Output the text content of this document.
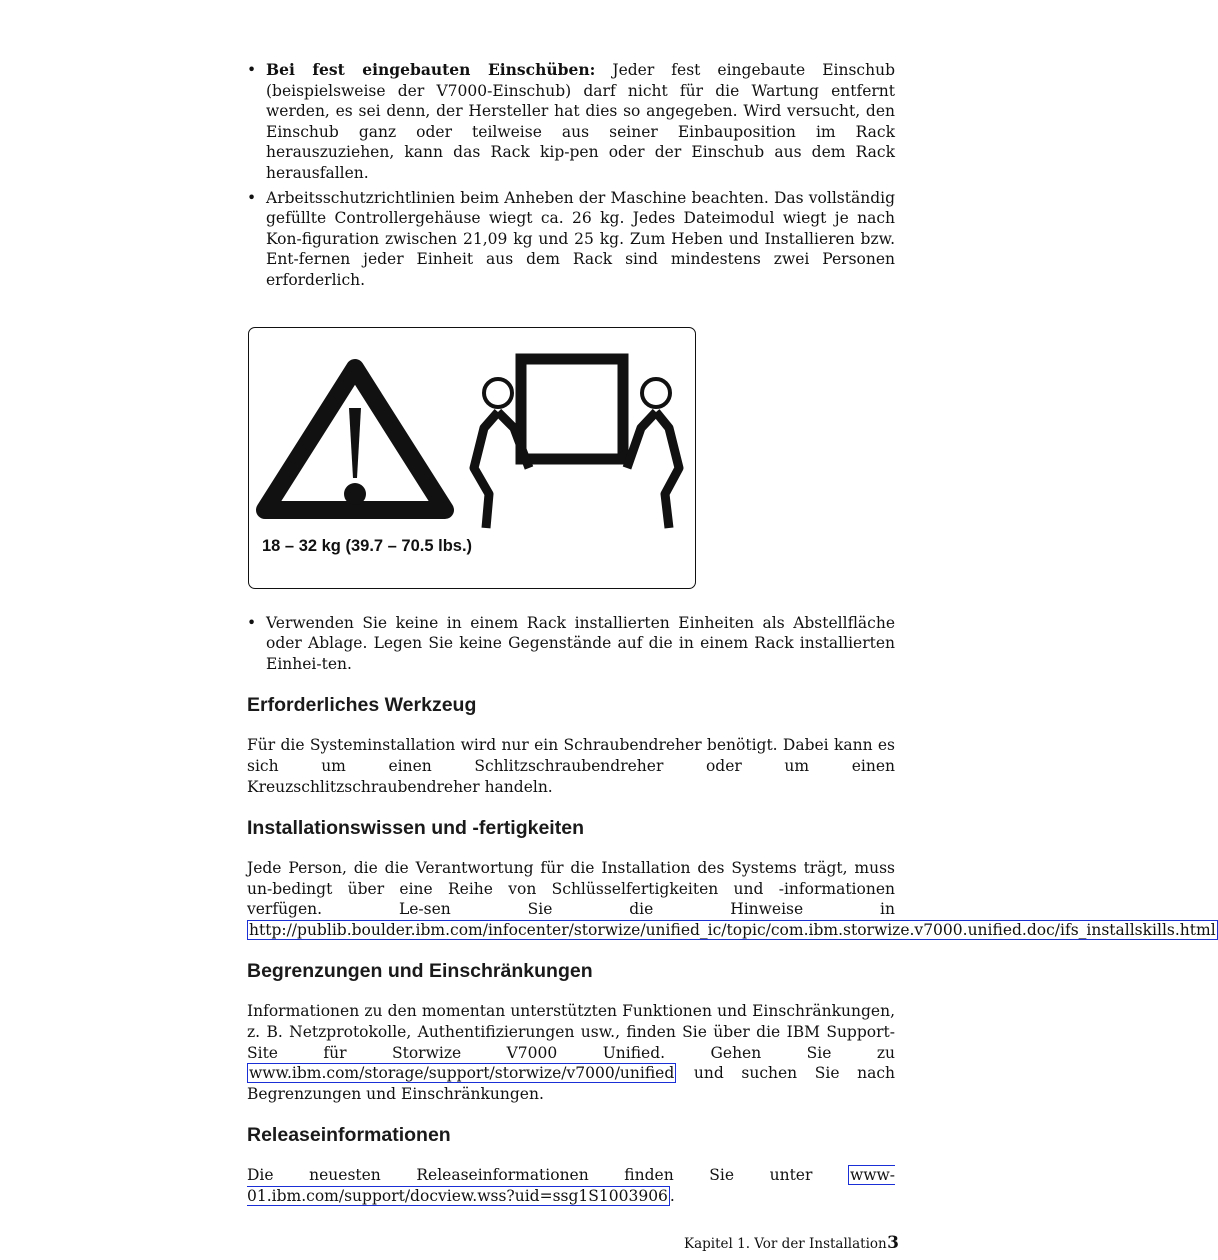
• Bei fest eingebauten Einschüben: Jeder fest eingebaute Einschub (beispielsweise der V7000-Einschub) darf nicht für die Wartung entfernt werden, es sei denn, der Hersteller hat dies so angegeben. Wird versucht, den Einschub ganz oder teilweise aus seiner Einbauposition im Rack herauszuziehen, kann das Rack kip-pen oder der Einschub aus dem Rack herausfallen.
• Arbeitsschutzrichtlinien beim Anheben der Maschine beachten. Das vollständig gefüllte Controllergehäuse wiegt ca. 26 kg. Jedes Dateimodul wiegt je nach Kon-figuration zwischen 21,09 kg und 25 kg. Zum Heben und Installieren bzw. Ent-fernen jeder Einheit aus dem Rack sind mindestens zwei Personen erforderlich.
18 – 32 kg (39.7 – 70.5 lbs.)
• Verwenden Sie keine in einem Rack installierten Einheiten als Abstellfläche oder Ablage. Legen Sie keine Gegenstände auf die in einem Rack installierten Einhei-ten.
Erforderliches Werkzeug

Für die Systeminstallation wird nur ein Schraubendreher benötigt. Dabei kann es sich um einen Schlitzschraubendreher oder um einen Kreuzschlitzschraubendreher handeln.

Installationswissen und -fertigkeiten

Jede Person, die die Verantwortung für die Installation des Systems trägt, muss un-bedingt über eine Reihe von Schlüsselfertigkeiten und -informationen verfügen. Le-sen Sie die Hinweise in http://publib.boulder.ibm.com/infocenter/storwize/unified_ic/topic/com.ibm.storwize.v7000.unified.doc/ifs_installskills.html

Begrenzungen und Einschränkungen

Informationen zu den momentan unterstützten Funktionen und Einschränkungen, z. B. Netzprotokolle, Authentifizierungen usw., finden Sie über die IBM Support-Site für Storwize V7000 Unified. Gehen Sie zu www.ibm.com/storage/support/storwize/v7000/unified und suchen Sie nach Begrenzungen und Einschränkungen.

Releaseinformationen

Die neuesten Releaseinformationen finden Sie unter www-01.ibm.com/support/docview.wss?uid=ssg1S1003906 .

Kapitel 1. Vor der Installation 3
